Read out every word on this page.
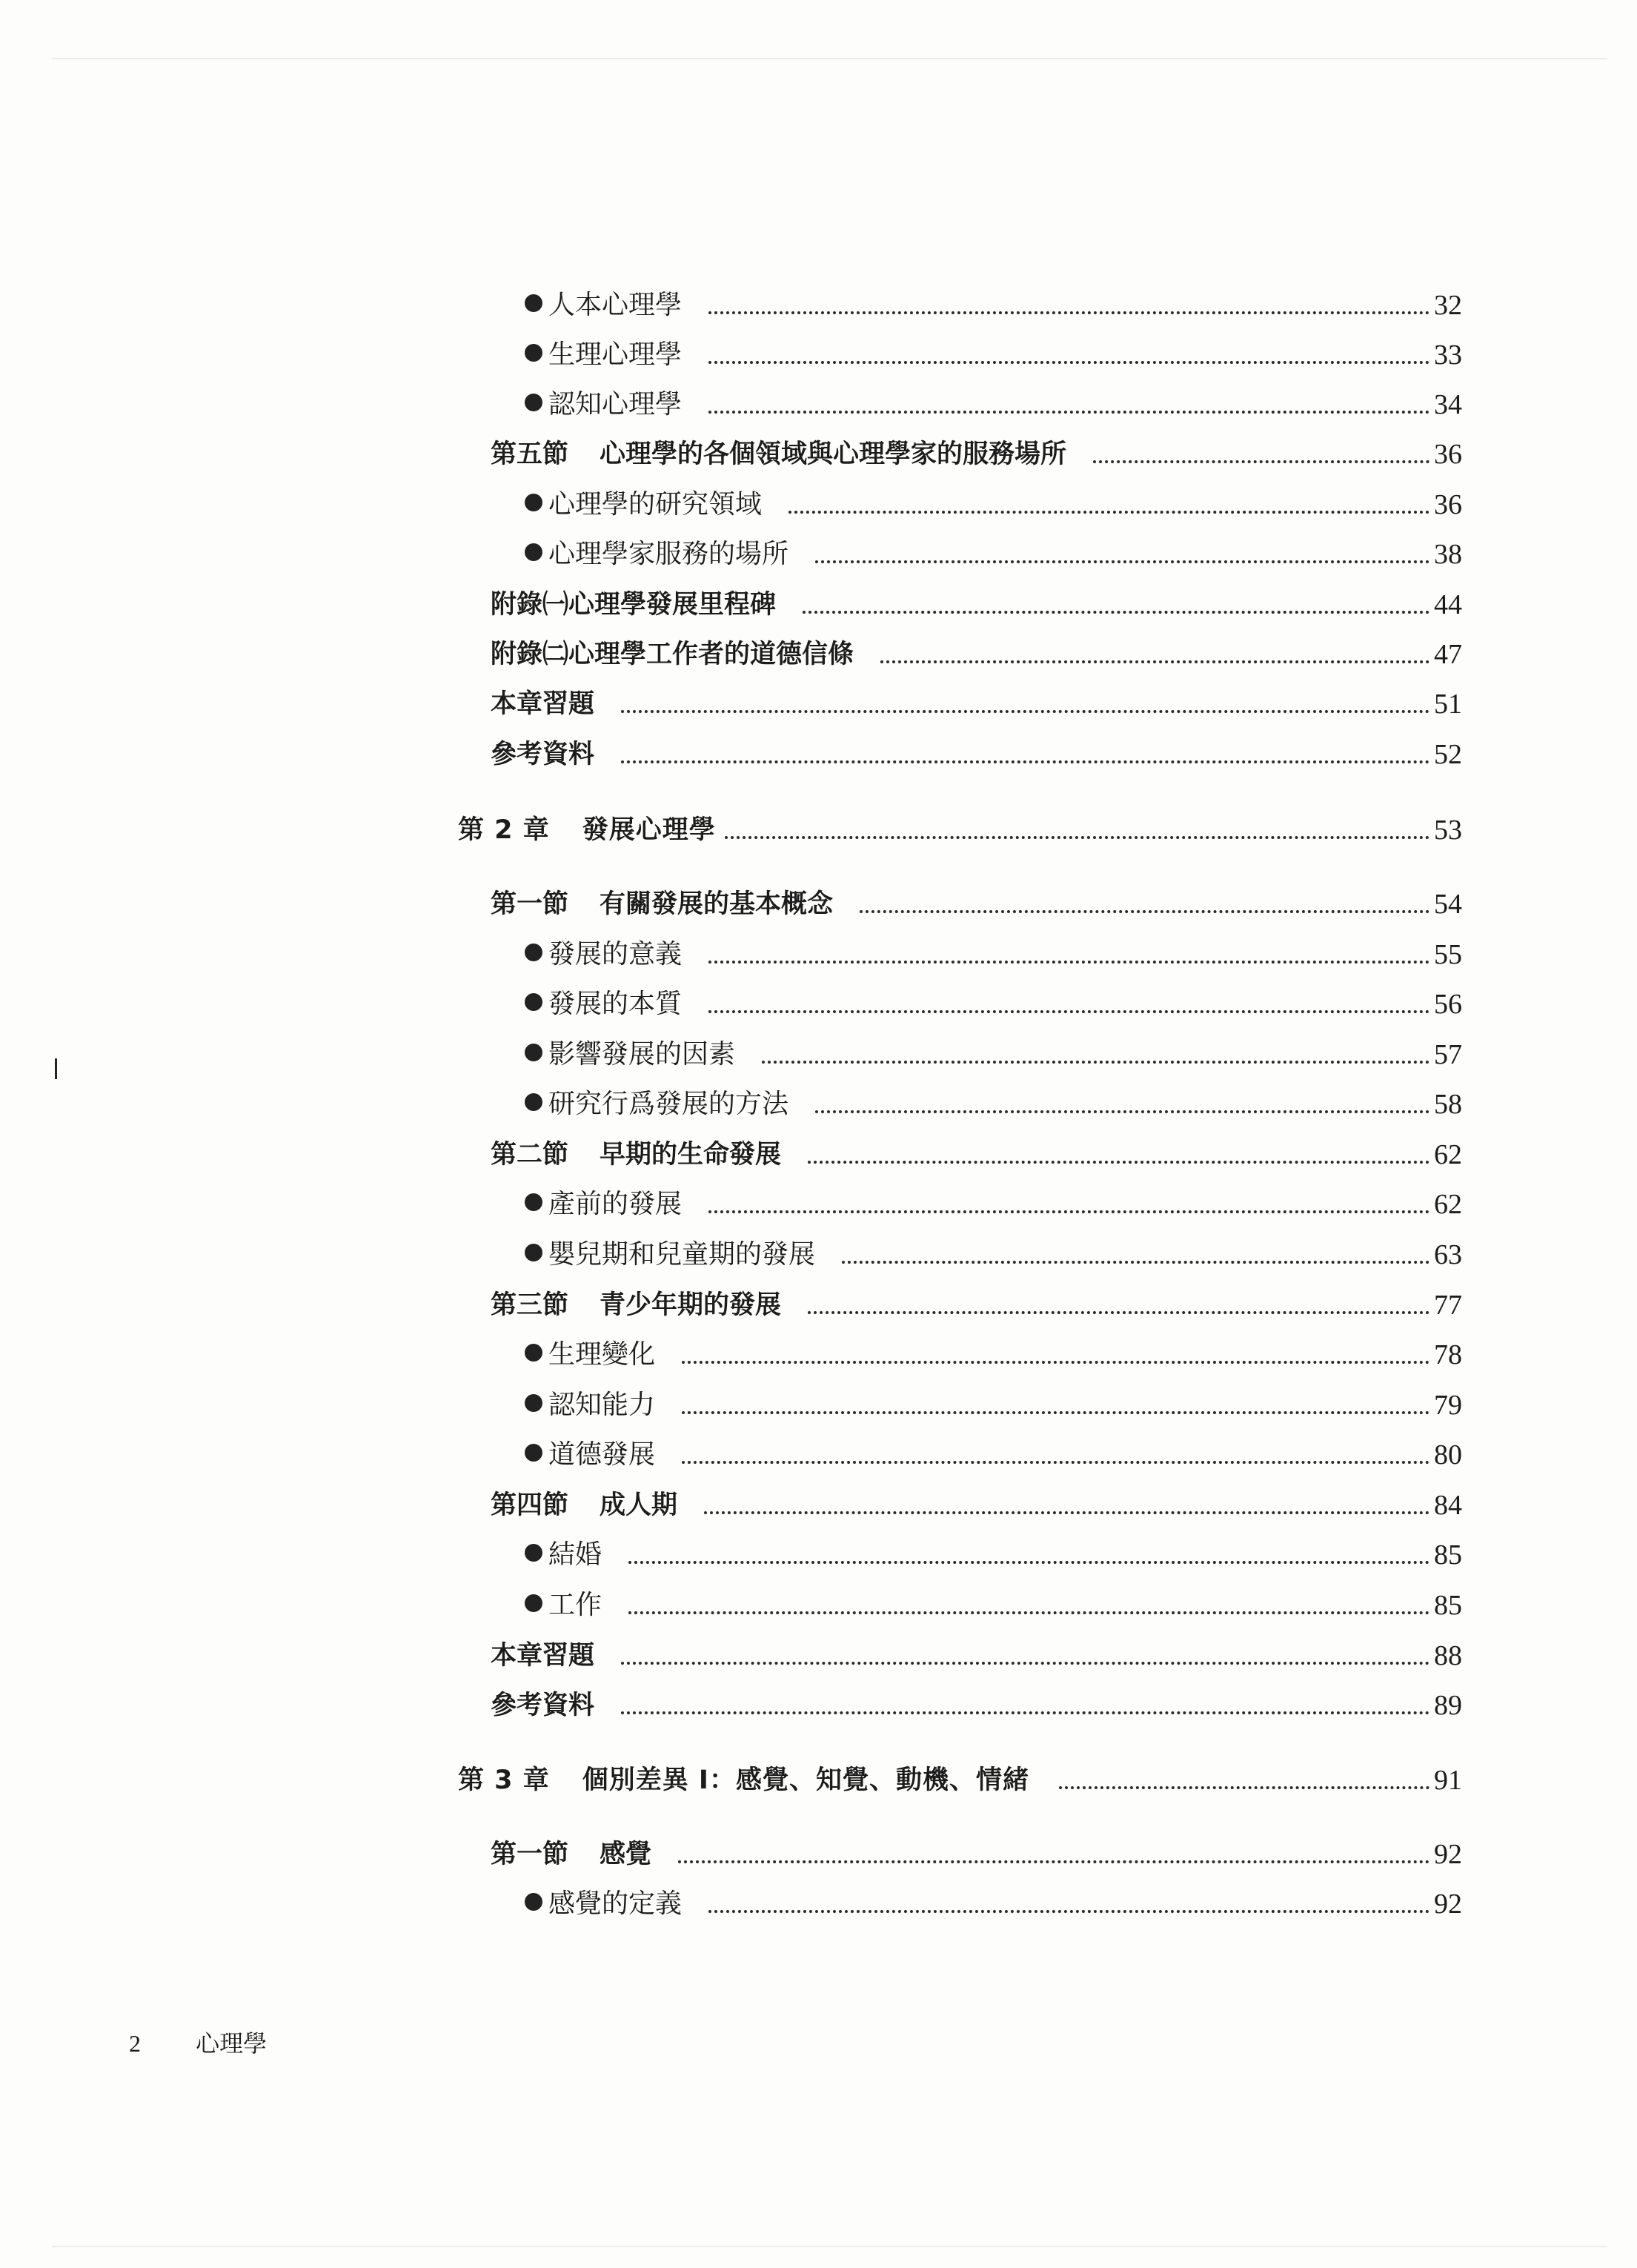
人本心理學	32
生理心理學	33
認知心理學	34
第五節 心理學的各個領域與心理學家的服務場所	36
心理學的研究領域	36
心理學家服務的場所	38
附錄㈠心理學發展里程碑	44
附錄㈡心理學工作者的道德信條	47
本章習題	51
參考資料	52
第 2 章 發展心理學	53
第一節 有關發展的基本概念	54
發展的意義	55
發展的本質	56
影響發展的因素	57
研究行爲發展的方法	58
第二節 早期的生命發展	62
產前的發展	62
嬰兒期和兒童期的發展	63
第三節 青少年期的發展	77
生理變化	78
認知能力	79
道德發展	80
第四節 成人期	84
結婚	85
工作	85
本章習題	88
參考資料	89
第 3 章 個別差異 I：感覺、知覺、動機、情緒	91
第一節 感覺	92
感覺的定義	92
2 心理學
